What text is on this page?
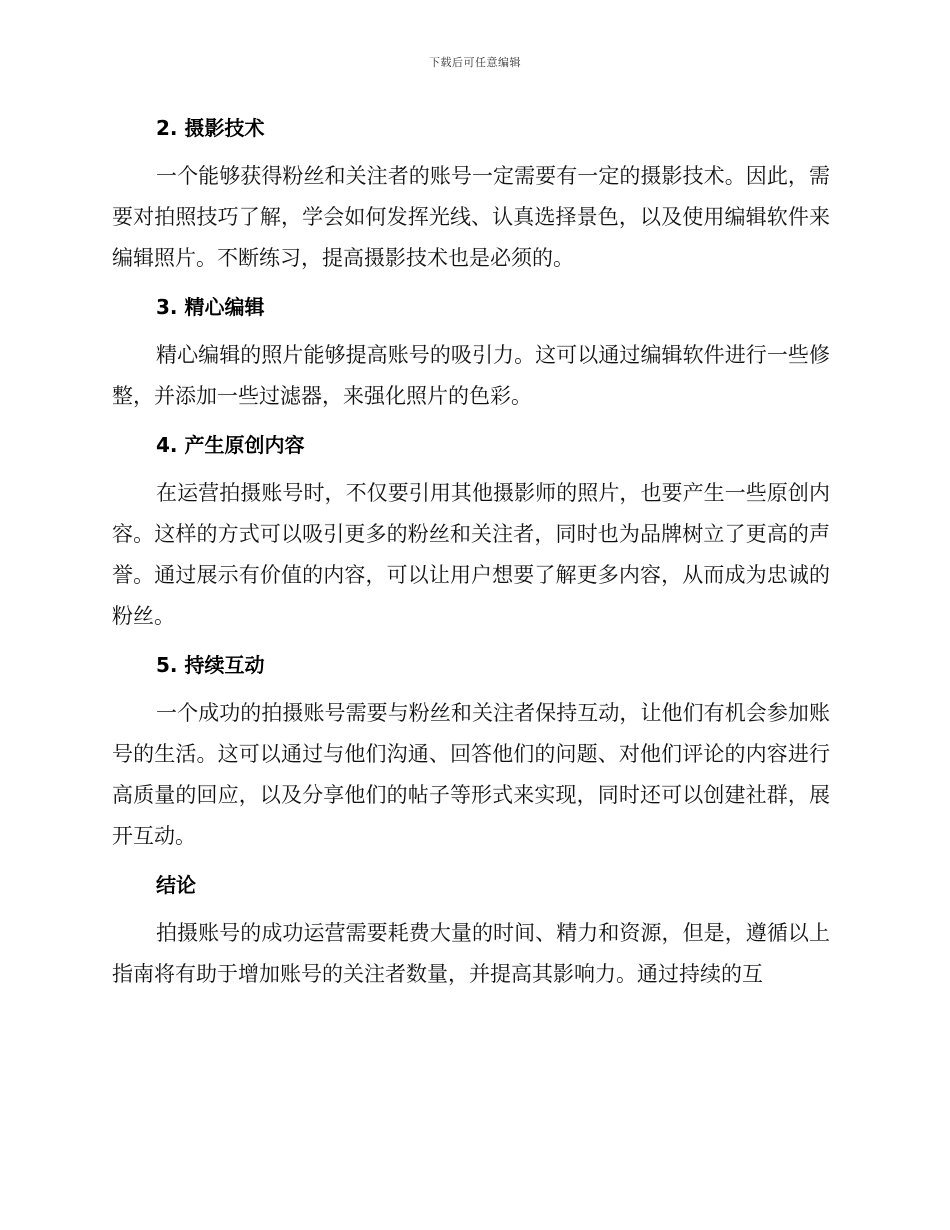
下载后可任意编辑
2. 摄影技术
一个能够获得粉丝和关注者的账号一定需要有一定的摄影技术。因此，需要对拍照技巧了解，学会如何发挥光线、认真选择景色，以及使用编辑软件来编辑照片。不断练习，提高摄影技术也是必须的。
3. 精心编辑
精心编辑的照片能够提高账号的吸引力。这可以通过编辑软件进行一些修整，并添加一些过滤器，来强化照片的色彩。
4. 产生原创内容
在运营拍摄账号时，不仅要引用其他摄影师的照片，也要产生一些原创内容。这样的方式可以吸引更多的粉丝和关注者，同时也为品牌树立了更高的声誉。通过展示有价值的内容，可以让用户想要了解更多内容，从而成为忠诚的粉丝。
5. 持续互动
一个成功的拍摄账号需要与粉丝和关注者保持互动，让他们有机会参加账号的生活。这可以通过与他们沟通、回答他们的问题、对他们评论的内容进行高质量的回应，以及分享他们的帖子等形式来实现，同时还可以创建社群，展开互动。
结论
拍摄账号的成功运营需要耗费大量的时间、精力和资源，但是，遵循以上指南将有助于增加账号的关注者数量，并提高其影响力。通过持续的互
